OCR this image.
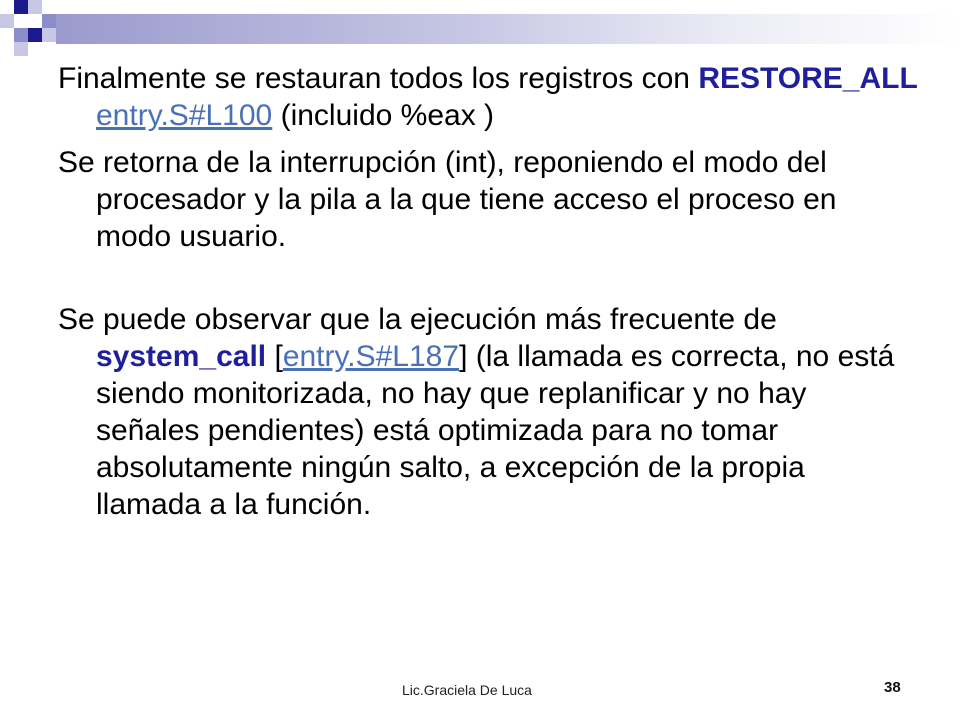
Finalmente se restauran todos los registros con RESTORE_ALL entry.S#L100 (incluido %eax )

Se retorna de la interrupción (int), reponiendo el modo del procesador y la pila a la que tiene acceso el proceso en modo usuario.

Se puede observar que la ejecución más frecuente de system_call [entry.S#L187] (la llamada es correcta, no está siendo monitorizada, no hay que replanificar y no hay señales pendientes) está optimizada para no tomar absolutamente ningún salto, a excepción de la propia llamada a la función.

Lic.Graciela De Luca	38
